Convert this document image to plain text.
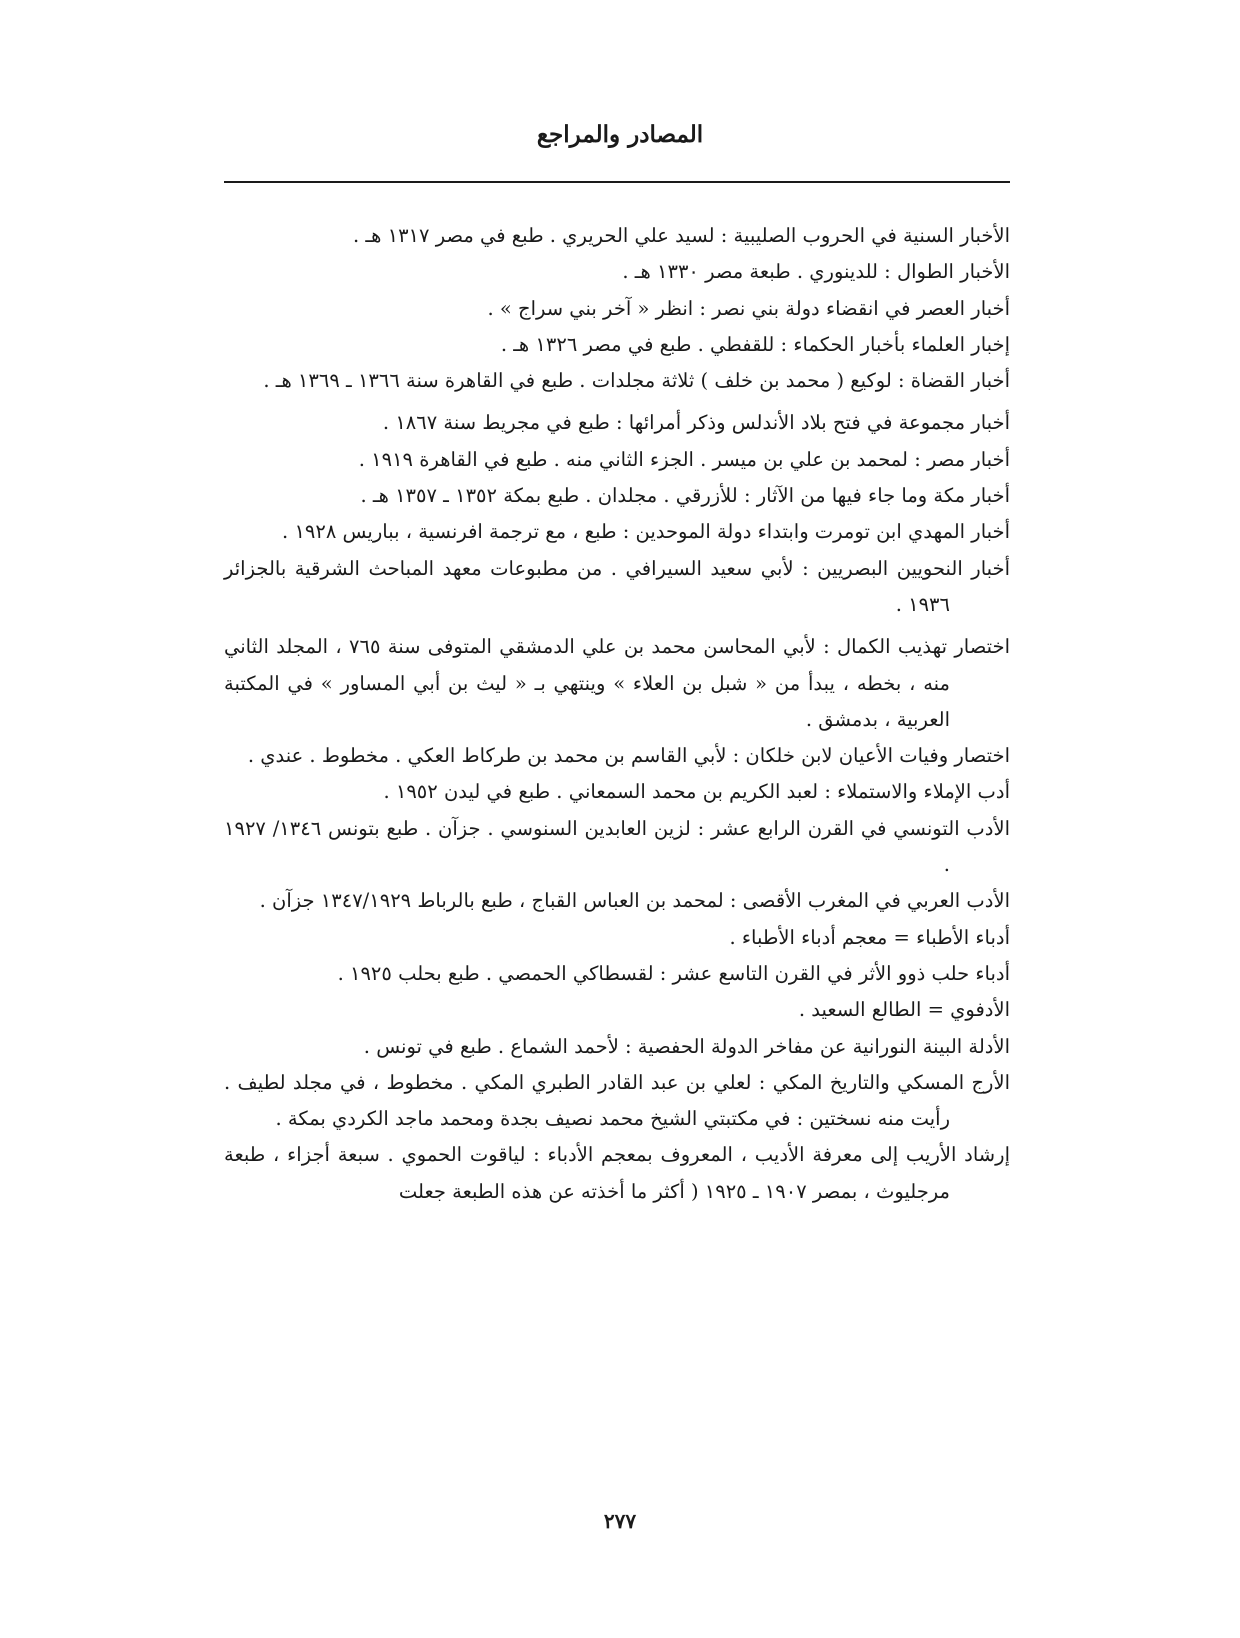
المصادر والمراجع
الأخبار السنية في الحروب الصليبية : لسيد علي الحريري . طبع في مصر ١٣١٧ هـ .
الأخبار الطوال : للدينوري . طبعة مصر ١٣٣٠ هـ .
أخبار العصر في انقضاء دولة بني نصر : انظر « آخر بني سراج » .
إخبار العلماء بأخبار الحكماء : للقفطي . طبع في مصر ١٣٢٦ هـ .
أخبار القضاة : لوكيع ( محمد بن خلف ) ثلاثة مجلدات . طبع في القاهرة سنة ١٣٦٦ ـ ١٣٦٩ هـ .
أخبار مجموعة في فتح بلاد الأندلس وذكر أمرائها : طبع في مجريط سنة ١٨٦٧ .
أخبار مصر : لمحمد بن علي بن ميسر . الجزء الثاني منه . طبع في القاهرة ١٩١٩ .
أخبار مكة وما جاء فيها من الآثار : للأزرقي . مجلدان . طبع بمكة ١٣٥٢ ـ ١٣٥٧ هـ .
أخبار المهدي ابن تومرت وابتداء دولة الموحدين : طبع ، مع ترجمة افرنسية ، بباريس ١٩٢٨ .
أخبار النحويين البصريين : لأبي سعيد السيرافي . من مطبوعات معهد المباحث الشرقية بالجزائر ١٩٣٦ .
اختصار تهذيب الكمال : لأبي المحاسن محمد بن علي الدمشقي المتوفى سنة ٧٦٥ ، المجلد الثاني منه ، بخطه ، يبدأ من « شبل بن العلاء » وينتهي بـ « ليث بن أبي المساور » في المكتبة العربية ، بدمشق .
اختصار وفيات الأعيان لابن خلكان : لأبي القاسم بن محمد بن طركاط العكي . مخطوط . عندي .
أدب الإملاء والاستملاء : لعبد الكريم بن محمد السمعاني . طبع في ليدن ١٩٥٢ .
الأدب التونسي في القرن الرابع عشر : لزين العابدين السنوسي . جزآن . طبع بتونس ١٣٤٦/ ١٩٢٧ .
الأدب العربي في المغرب الأقصى : لمحمد بن العباس القباج ، طبع بالرباط ١٣٤٧/١٩٢٩ جزآن .
أدباء الأطباء = معجم أدباء الأطباء .
أدباء حلب ذوو الأثر في القرن التاسع عشر : لقسطاكي الحمصي . طبع بحلب ١٩٢٥ .
الأدفوي = الطالع السعيد .
الأدلة البينة النورانية عن مفاخر الدولة الحفصية : لأحمد الشماع . طبع في تونس .
الأرج المسكي والتاريخ المكي : لعلي بن عبد القادر الطبري المكي . مخطوط ، في مجلد لطيف . رأيت منه نسختين : في مكتبتي الشيخ محمد نصيف بجدة ومحمد ماجد الكردي بمكة .
إرشاد الأريب إلى معرفة الأديب ، المعروف بمعجم الأدباء : لياقوت الحموي . سبعة أجزاء ، طبعة مرجليوث ، بمصر ١٩٠٧ ـ ١٩٢٥ ( أكثر ما أخذته عن هذه الطبعة جعلت
٢٧٧
